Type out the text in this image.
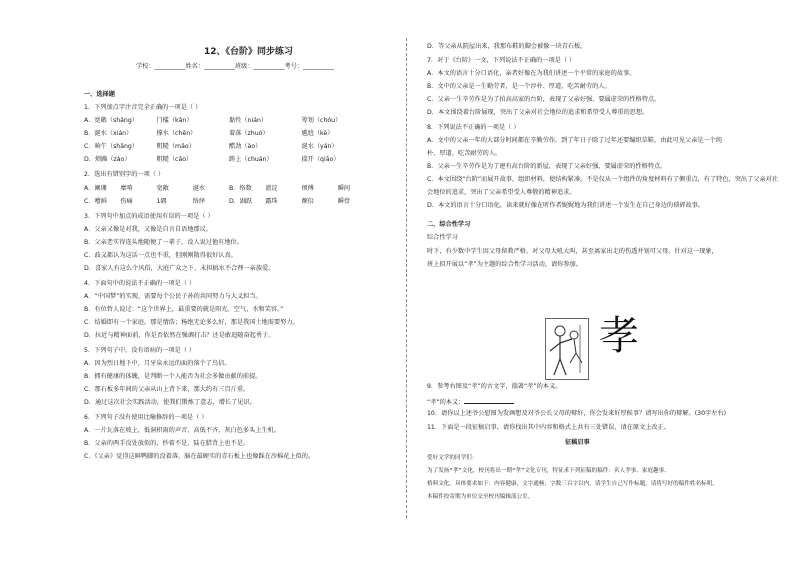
12、《台阶》同步练习
学校：__________姓名：__________班级：__________考号：__________
一、选择题
1．下列加点字注音完全正确的一项是（ ）
A．宽敞（shǎng）	门槛（kǎn）	黏性（nián）	筹划（chóu）
B．涎水（xián）	撑水（chēn）	着落（zhuó）	尴尬（kè）
C．晌午（shǎng）	粗糙（mǎo）	醋劲（ào）	涎水（yán）
D．烦躁（zào）	粗糙（cāo）	踌上（chuán）	揣开（qiāo）
2．选出有错别字的一项（ ）
A．阑珊	糜啃	宽敞	涎水	B．络数	流淀	烦傅	瞬间
C．嘈鲜	伤痛	1隅	络绎	D．踊跃	露珠	颠倍	瞬骨
3．下列句中加点的成语使用有误的一项是（ ）
A．父亲又像是对我，又像是自言自语地那议。
B．父亲老实得连头地随便了一辈子，没人说过他有地位。
C．歧义都认为这话一点也不重，但刚刚散得很好认真。
D．喜家人有这么个风俗，大庭广众之下，未担搞水不合理一亲族爱。
4．下面句中的说法不正确的一项是（ ）
A．“中国梦”的实现，需要每个公民子孙的共同努力与大义担当。
B．有位哲人说过：“这个世界上，最重要的就是阳光、空气、水和笑容。”
C．结婚即有一个家庭，那是情浩；杨绝无论多么好，那是我国土地需要努力。
D．拉近与精神面前，你是否依然在强调打击？还是敢追随奋起勇于。
5．下列句子中，没有语病的一项是（ ）
A．因为烈日地下中，月牙泉永远的面的落个了鸟信。
B．拥有健康的体魄，是判断一个人能否为社会多做贡献的前提。
C．那石板多年间的父亲从山上背下来，那大约有三百斤重。
D．通过这次社会实践活动，使我们锻炼了意志，增长了见识。
6．下列句子没有使用比喻修辞的一项是（ ）
A．一片瓦落在坡上，低洞积雨的声音，高低不齐，灰白色多头上生机。
B．父亲的两手没处放似的，抄着不是，陆在腊背上也不是。
C．《父亲》觉得这鲜鸭脚的没着落，脑在最硬实的青石板上也像踩在沙棉花上似的。
D．等父亲从院屋出来，我那布鞋的脚会被像一块青石板。
7．对于《台阶》一文，下列说法不正确的一项是（ ）
A．本文的语言十分口语化，亲者好像在为我们讲述一个平常的家庭的故事。
B．文中的父亲是一生勤劳者，是一个淳朴、厚道、吃苦耐劳的人。
C．父亲一生辛劳作是为了拍高高家的台阶，表现了父亲好强、要属虚荣的性格特点。
D．本文围绕着台阶展现，突出了父亲对社会地位的追求和希望受人尊重的思想。
8．下列说法不正确的一项是（ ）
A．文中的父亲一年的大部分时间都在辛勤劳作，到了年日子除了过年还要编织草鞋，由此可见父亲是一个纯
朴、厚道、吃苦耐劳的人。
B．父亲一生辛劳作是为了建有高台阶的新屋，表现了父亲好强、要属虚荣的性格特点。
C．本文围绕“台阶”而展开故事，组织材料，使结构紧凑，不是仅从一个组件的角度材料有了侧重点，有了特色，突出了父亲对社
会地位的追求，突出了父亲希望受人尊敬的精神追求。
D．本文的语言十分口语化，读来就好像在听作者娓娓地为我们讲述一个发生在自己身边的琐碎故事。
二、综合性学习
综合性学习
时下，有少数中学生因父母留教严格，对父母大吼大叫，甚至离家出走的伤透并划可父母。针对这一现象，
班上拟开展以“孝”为主题的综合性学习活动，请你参加。
孝
9．参考右图及“孝”的古文字，揣著“孝”的本义。
“孝”的本义：
10．请你以上述爷公慰图为发画想及对爷公长父母的辩好，你会发来好厚候事？请写出你的辩解。(30字左右)
11．下面是一段征稿启事，请你找出其中内容和格式上共有三处错误，请在原文上改正。
征稿启事
爱好文学的同学们：
为了发扬“孝”文化，校刊将出一期“孝”文化专刊，特征求下列征稿的稿件：名人孝事、家庭趣事、
格料文化。具体要求如下：内容健康，文字通畅，字数三百字以内，请学生自己写作标题。请将写好的稿件姓名标明，
本稿件投寄期为单位交至校刊编辑部公室。
